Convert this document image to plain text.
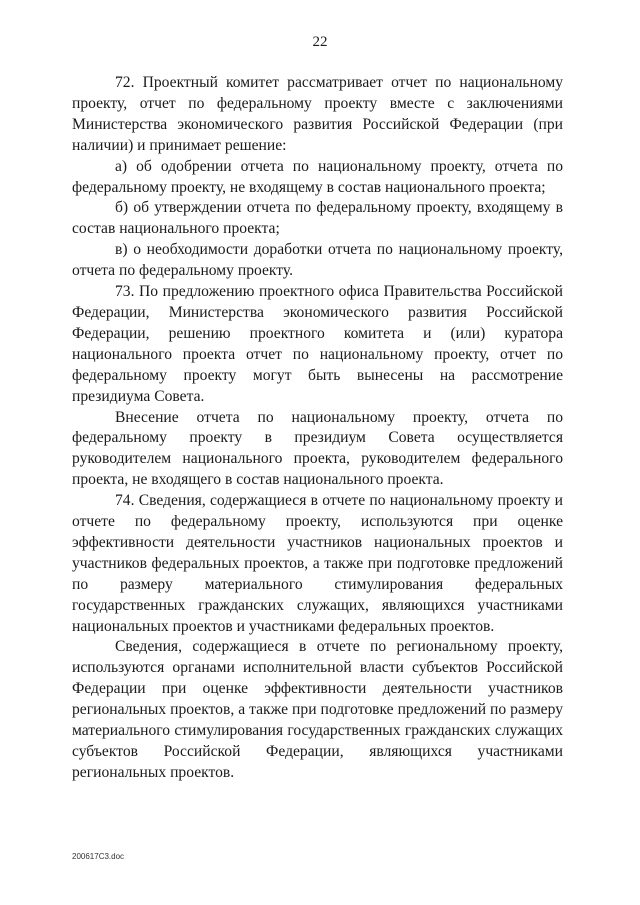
22

72. Проектный комитет рассматривает отчет по национальному проекту, отчет по федеральному проекту вместе с заключениями Министерства экономического развития Российской Федерации (при наличии) и принимает решение:

а) об одобрении отчета по национальному проекту, отчета по федеральному проекту, не входящему в состав национального проекта;

б) об утверждении отчета по федеральному проекту, входящему в состав национального проекта;

в) о необходимости доработки отчета по национальному проекту, отчета по федеральному проекту.

73. По предложению проектного офиса Правительства Российской Федерации, Министерства экономического развития Российской Федерации, решению проектного комитета и (или) куратора национального проекта отчет по национальному проекту, отчет по федеральному проекту могут быть вынесены на рассмотрение президиума Совета.

Внесение отчета по национальному проекту, отчета по федеральному проекту в президиум Совета осуществляется руководителем национального проекта, руководителем федерального проекта, не входящего в состав национального проекта.

74. Сведения, содержащиеся в отчете по национальному проекту и отчете по федеральному проекту, используются при оценке эффективности деятельности участников национальных проектов и участников федеральных проектов, а также при подготовке предложений по размеру материального стимулирования федеральных государственных гражданских служащих, являющихся участниками национальных проектов и участниками федеральных проектов.

Сведения, содержащиеся в отчете по региональному проекту, используются органами исполнительной власти субъектов Российской Федерации при оценке эффективности деятельности участников региональных проектов, а также при подготовке предложений по размеру материального стимулирования государственных гражданских служащих субъектов Российской Федерации, являющихся участниками региональных проектов.

200617C3.doc
